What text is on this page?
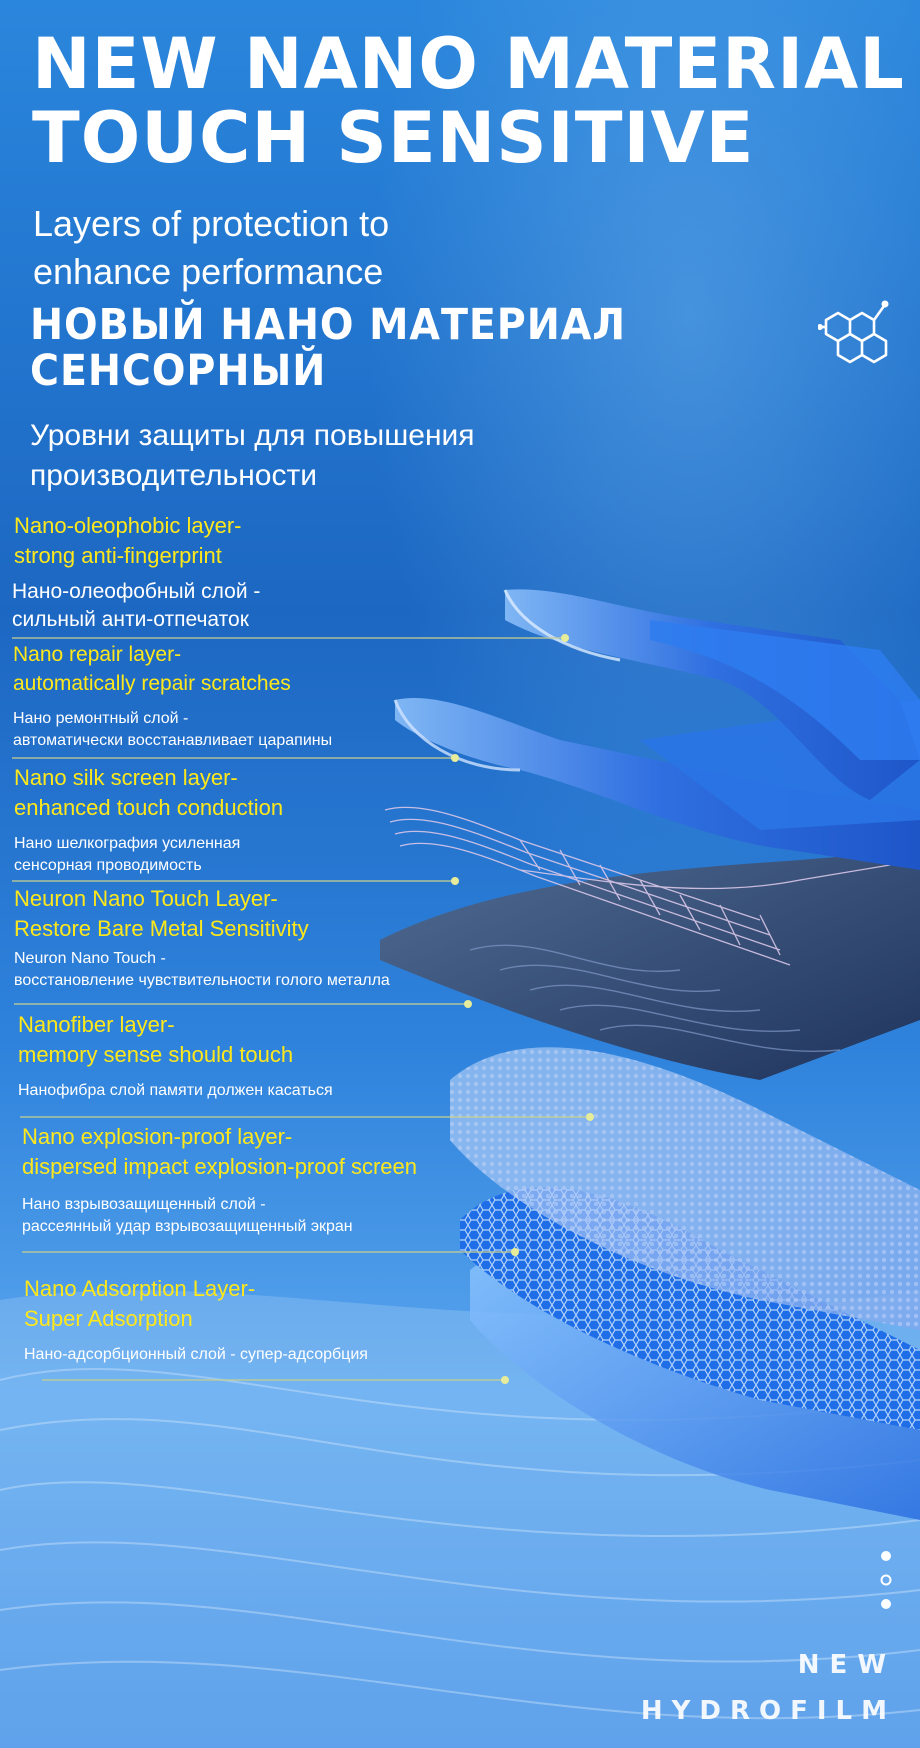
NEW NANO MATERIAL
TOUCH SENSITIVE

Layers of protection to
enhance performance

НОВЫЙ НАНО МАТЕРИАЛ
СЕНСОРНЫЙ

Уровни защиты для повышения
производительности

Nano-oleophobic layer-
strong anti-fingerprint
Нано-олеофобный слой -
сильный анти-отпечаток
Nano repair layer-
automatically repair scratches
Нано ремонтный слой -
автоматически восстанавливает царапины
Nano silk screen layer-
enhanced touch conduction
Нано шелкография усиленная
сенсорная проводимость
Neuron Nano Touch Layer-
Restore Bare Metal Sensitivity
Neuron Nano Touch -
восстановление чувствительности голого металла
Nanofiber layer-
memory sense should touch
Нанофибра слой памяти должен касаться
Nano explosion-proof layer-
dispersed impact explosion-proof screen
Нано взрывозащищенный слой -
рассеянный удар взрывозащищенный экран
Nano Adsorption Layer-
Super Adsorption
Нано-адсорбционный слой - супер-адсорбция
NEW
HYDROFILM
